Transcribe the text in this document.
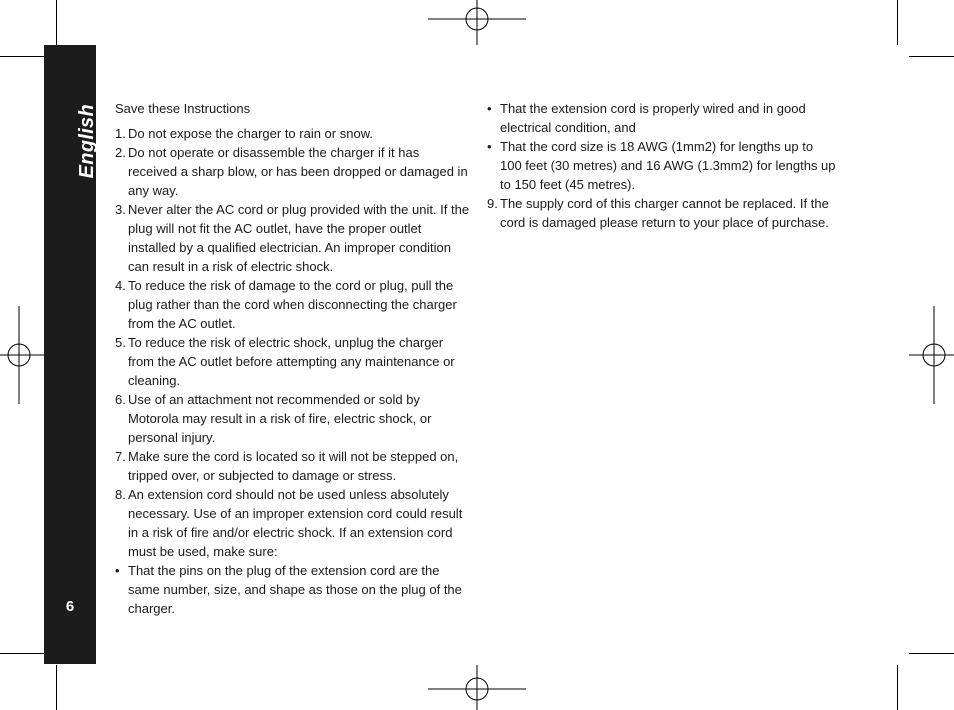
English
6

Save these Instructions

1. Do not expose the charger to rain or snow.
2. Do not operate or disassemble the charger if it has received a sharp blow, or has been dropped or damaged in any way.
3. Never alter the AC cord or plug provided with the unit. If the plug will not fit the AC outlet, have the proper outlet installed by a qualified electrician. An improper condition can result in a risk of electric shock.
4. To reduce the risk of damage to the cord or plug, pull the plug rather than the cord when disconnecting the charger from the AC outlet.
5. To reduce the risk of electric shock, unplug the charger from the AC outlet before attempting any maintenance or cleaning.
6. Use of an attachment not recommended or sold by Motorola may result in a risk of fire, electric shock, or personal injury.
7. Make sure the cord is located so it will not be stepped on, tripped over, or subjected to damage or stress.
8. An extension cord should not be used unless absolutely necessary. Use of an improper extension cord could result in a risk of fire and/or electric shock. If an extension cord must be used, make sure:
• That the pins on the plug of the extension cord are the same number, size, and shape as those on the plug of the charger.
• That the extension cord is properly wired and in good electrical condition, and
• That the cord size is 18 AWG (1mm2) for lengths up to 100 feet (30 metres) and 16 AWG (1.3mm2) for lengths up to 150 feet (45 metres).
9. The supply cord of this charger cannot be replaced. If the cord is damaged please return to your place of purchase.
